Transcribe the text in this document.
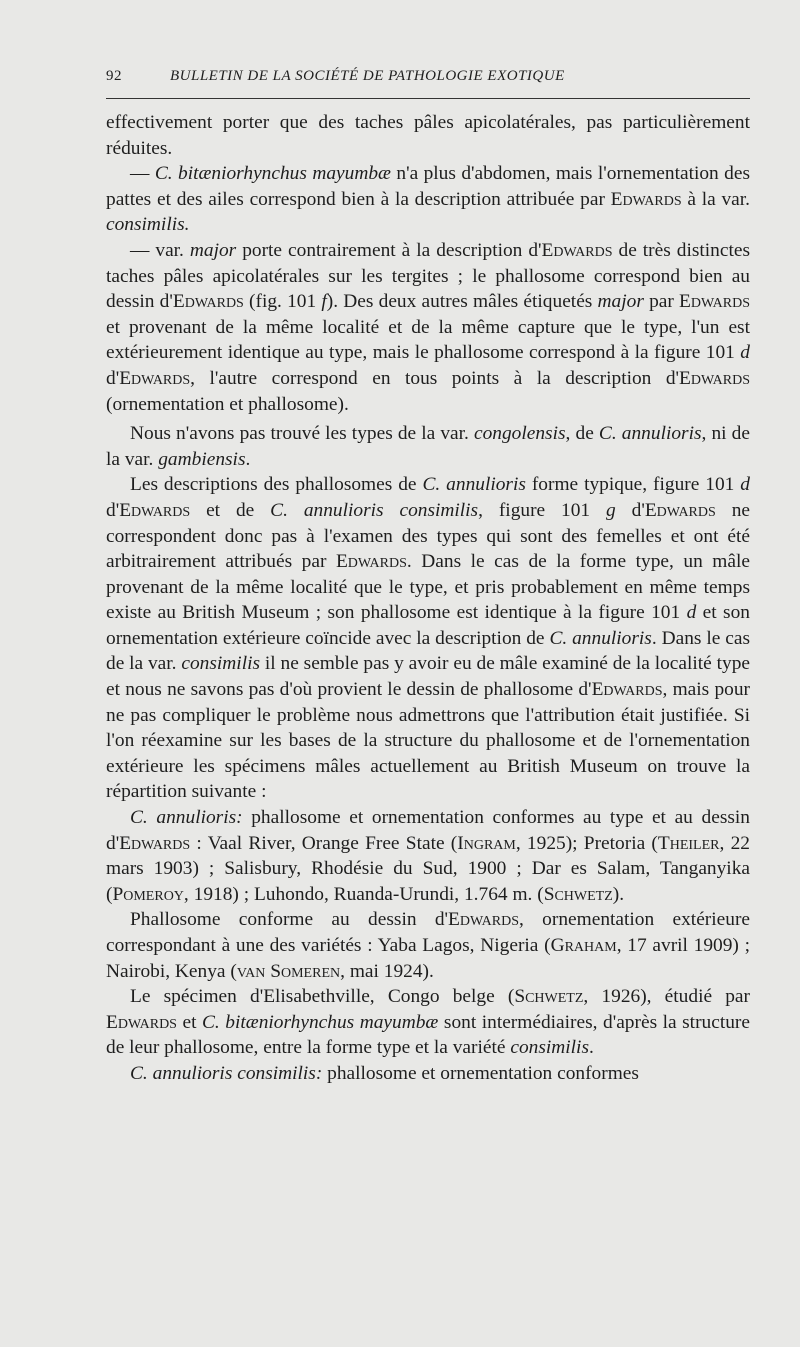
92	BULLETIN DE LA SOCIÉTÉ DE PATHOLOGIE EXOTIQUE

effectivement porter que des taches pâles apicolatérales, pas particulièrement réduites.

— C. bitæniorhynchus mayumbæ n'a plus d'abdomen, mais l'ornementation des pattes et des ailes correspond bien à la description attribuée par Edwards à la var. consimilis.

— var. major porte contrairement à la description d'Edwards de très distinctes taches pâles apicolatérales sur les tergites ; le phallosome correspond bien au dessin d'Edwards (fig. 101 f). Des deux autres mâles étiquetés major par Edwards et provenant de la même localité et de la même capture que le type, l'un est extérieurement identique au type, mais le phallosome correspond à la figure 101 d d'Edwards, l'autre correspond en tous points à la description d'Edwards (ornementation et phallosome).

Nous n'avons pas trouvé les types de la var. congolensis, de C. annulioris, ni de la var. gambiensis.

Les descriptions des phallosomes de C. annulioris forme typique, figure 101 d d'Edwards et de C. annulioris consimilis, figure 101 g d'Edwards ne correspondent donc pas à l'examen des types qui sont des femelles et ont été arbitrairement attribués par Edwards. Dans le cas de la forme type, un mâle provenant de la même localité que le type, et pris probablement en même temps existe au British Museum ; son phallosome est identique à la figure 101 d et son ornementation extérieure coïncide avec la description de C. annulioris. Dans le cas de la var. consimilis il ne semble pas y avoir eu de mâle examiné de la localité type et nous ne savons pas d'où provient le dessin de phallosome d'Edwards, mais pour ne pas compliquer le problème nous admettrons que l'attribution était justifiée. Si l'on réexamine sur les bases de la structure du phallosome et de l'ornementation extérieure les spécimens mâles actuellement au British Museum on trouve la répartition suivante :

C. annulioris: phallosome et ornementation conformes au type et au dessin d'Edwards : Vaal River, Orange Free State (Ingram, 1925); Pretoria (Theiler, 22 mars 1903) ; Salisbury, Rhodésie du Sud, 1900 ; Dar es Salam, Tanganyika (Pomeroy, 1918) ; Luhondo, Ruanda-Urundi, 1.764 m. (Schwetz).

Phallosome conforme au dessin d'Edwards, ornementation extérieure correspondant à une des variétés : Yaba Lagos, Nigeria (Graham, 17 avril 1909) ; Nairobi, Kenya (van Someren, mai 1924).

Le spécimen d'Elisabethville, Congo belge (Schwetz, 1926), étudié par Edwards et C. bitæniorhynchus mayumbæ sont intermédiaires, d'après la structure de leur phallosome, entre la forme type et la variété consimilis.

C. annulioris consimilis: phallosome et ornementation conformes
